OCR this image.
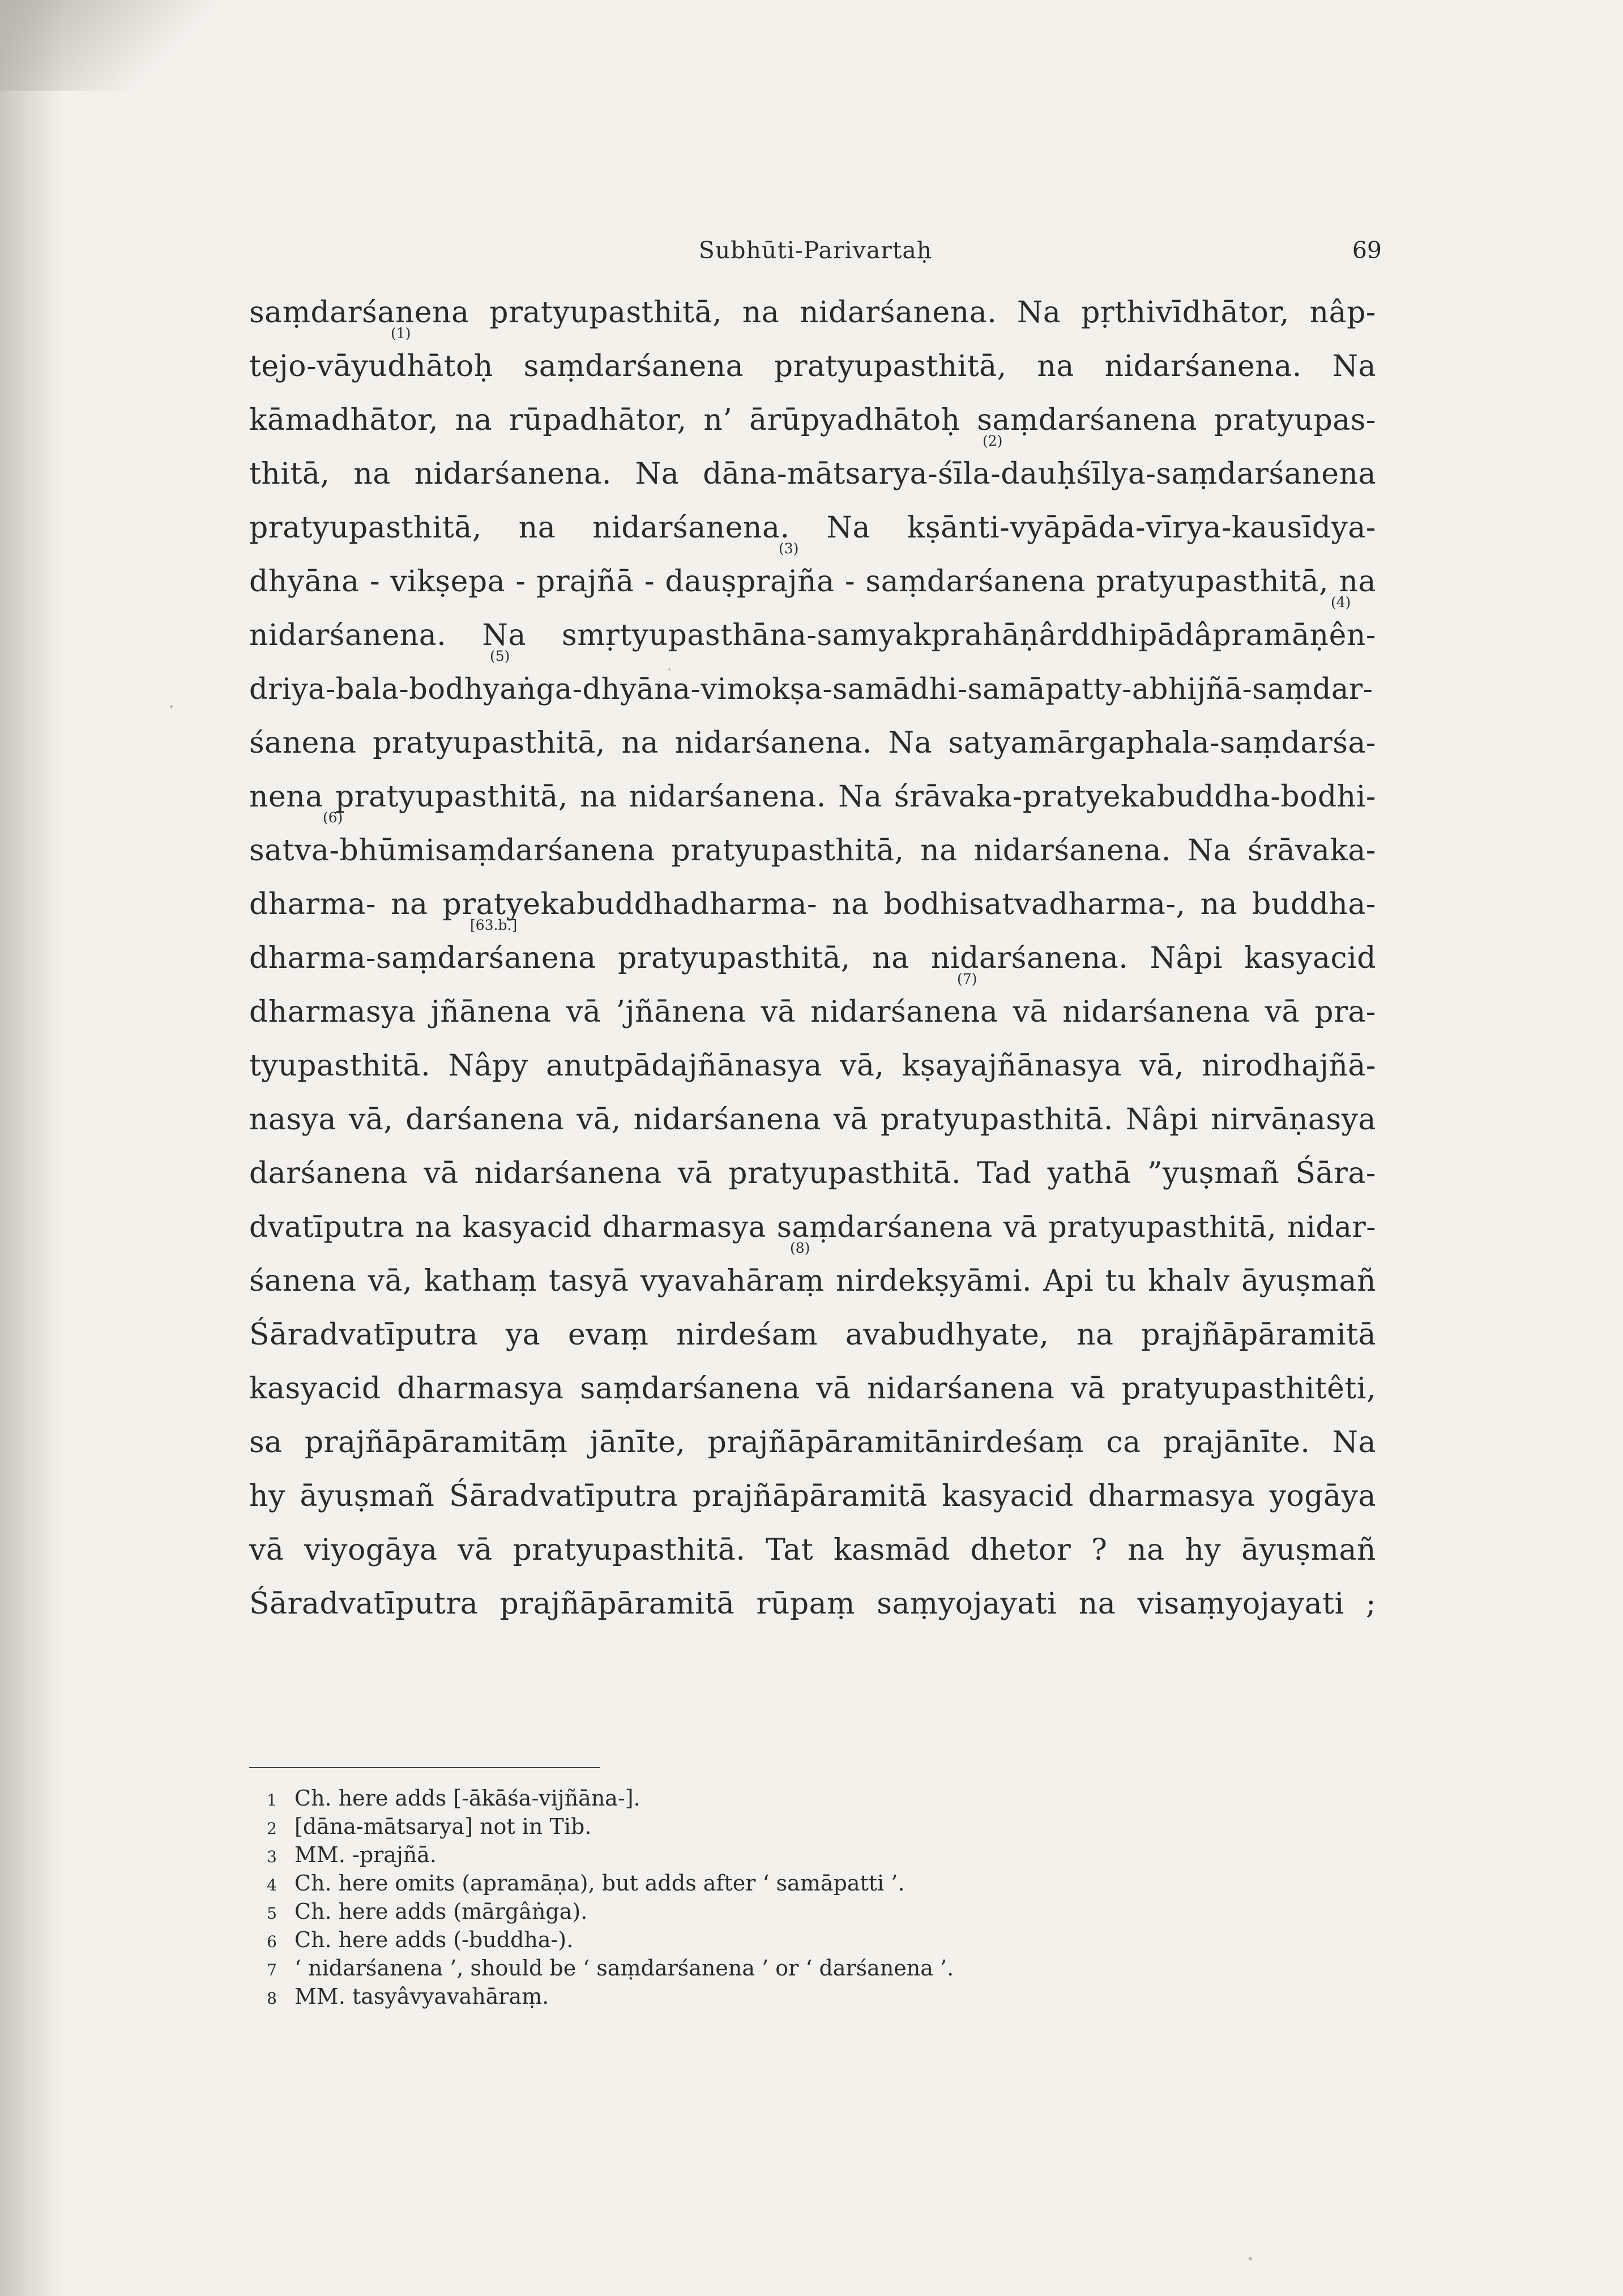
Subhūti-Parivartaḥ	69
saṃdarśanena pratyupasthitā, na nidarśanena. Na pṛthivīdhātor, nâp-
(1)
tejo-vāyudhātoḥ saṃdarśanena pratyupasthitā, na nidarśanena. Na
kāmadhātor, na rūpadhātor, n’ ārūpyadhātoḥ saṃdarśanena pratyupas-
(2)
thitā, na nidarśanena. Na dāna-mātsarya-śīla-dauḥśīlya-saṃdarśanena
pratyupasthitā, na nidarśanena. Na kṣānti-vyāpāda-vīrya-kausīdya-
(3)
dhyāna - vikṣepa - prajñā - dauṣprajña - saṃdarśanena pratyupasthitā, na
(4)
nidarśanena. Na smṛtyupasthāna-samyakprahāṇârddhipādâpramāṇên-
(5)
driya-bala-bodhyaṅga-dhyāna-vimokṣa-samādhi-samāpatty-abhijñā-saṃdar-
śanena pratyupasthitā, na nidarśanena. Na satyamārgaphala-saṃdarśa-
nena pratyupasthitā, na nidarśanena. Na śrāvaka-pratyekabuddha-bodhi-
(6)
satva-bhūmisaṃdarśanena pratyupasthitā, na nidarśanena. Na śrāvaka-
dharma- na pratyekabuddhadharma- na bodhisatvadharma-, na buddha-
[63.b.]
dharma-saṃdarśanena pratyupasthitā, na nidarśanena. Nâpi kasyacid
(7)
dharmasya jñānena vā ’jñānena vā nidarśanena vā nidarśanena vā pra-
tyupasthitā. Nâpy anutpādajñānasya vā, kṣayajñānasya vā, nirodhajñā-
nasya vā, darśanena vā, nidarśanena vā pratyupasthitā. Nâpi nirvāṇasya
darśanena vā nidarśanena vā pratyupasthitā. Tad yathā ”yuṣmañ Śāra-
dvatīputra na kasyacid dharmasya saṃdarśanena vā pratyupasthitā, nidar-
(8)
śanena vā, kathaṃ tasyā vyavahāraṃ nirdekṣyāmi. Api tu khalv āyuṣmañ
Śāradvatīputra ya evaṃ nirdeśam avabudhyate, na prajñāpāramitā
kasyacid dharmasya saṃdarśanena vā nidarśanena vā pratyupasthitêti,
sa prajñāpāramitāṃ jānīte, prajñāpāramitānirdeśaṃ ca prajānīte. Na
hy āyuṣmañ Śāradvatīputra prajñāpāramitā kasyacid dharmasya yogāya
vā viyogāya vā pratyupasthitā. Tat kasmād dhetor ? na hy āyuṣmañ
Śāradvatīputra prajñāpāramitā rūpaṃ saṃyojayati na visaṃyojayati ;
1 Ch. here adds [-ākāśa-vijñāna-].
2 [dāna-mātsarya] not in Tib.
3 MM. -prajñā.
4 Ch. here omits (apramāṇa), but adds after ‘ samāpatti ’.
5 Ch. here adds (mārgâṅga).
6 Ch. here adds (-buddha-).
7 ‘ nidarśanena ’, should be ‘ saṃdarśanena ’ or ‘ darśanena ’.
8 MM. tasyâvyavahāraṃ.
